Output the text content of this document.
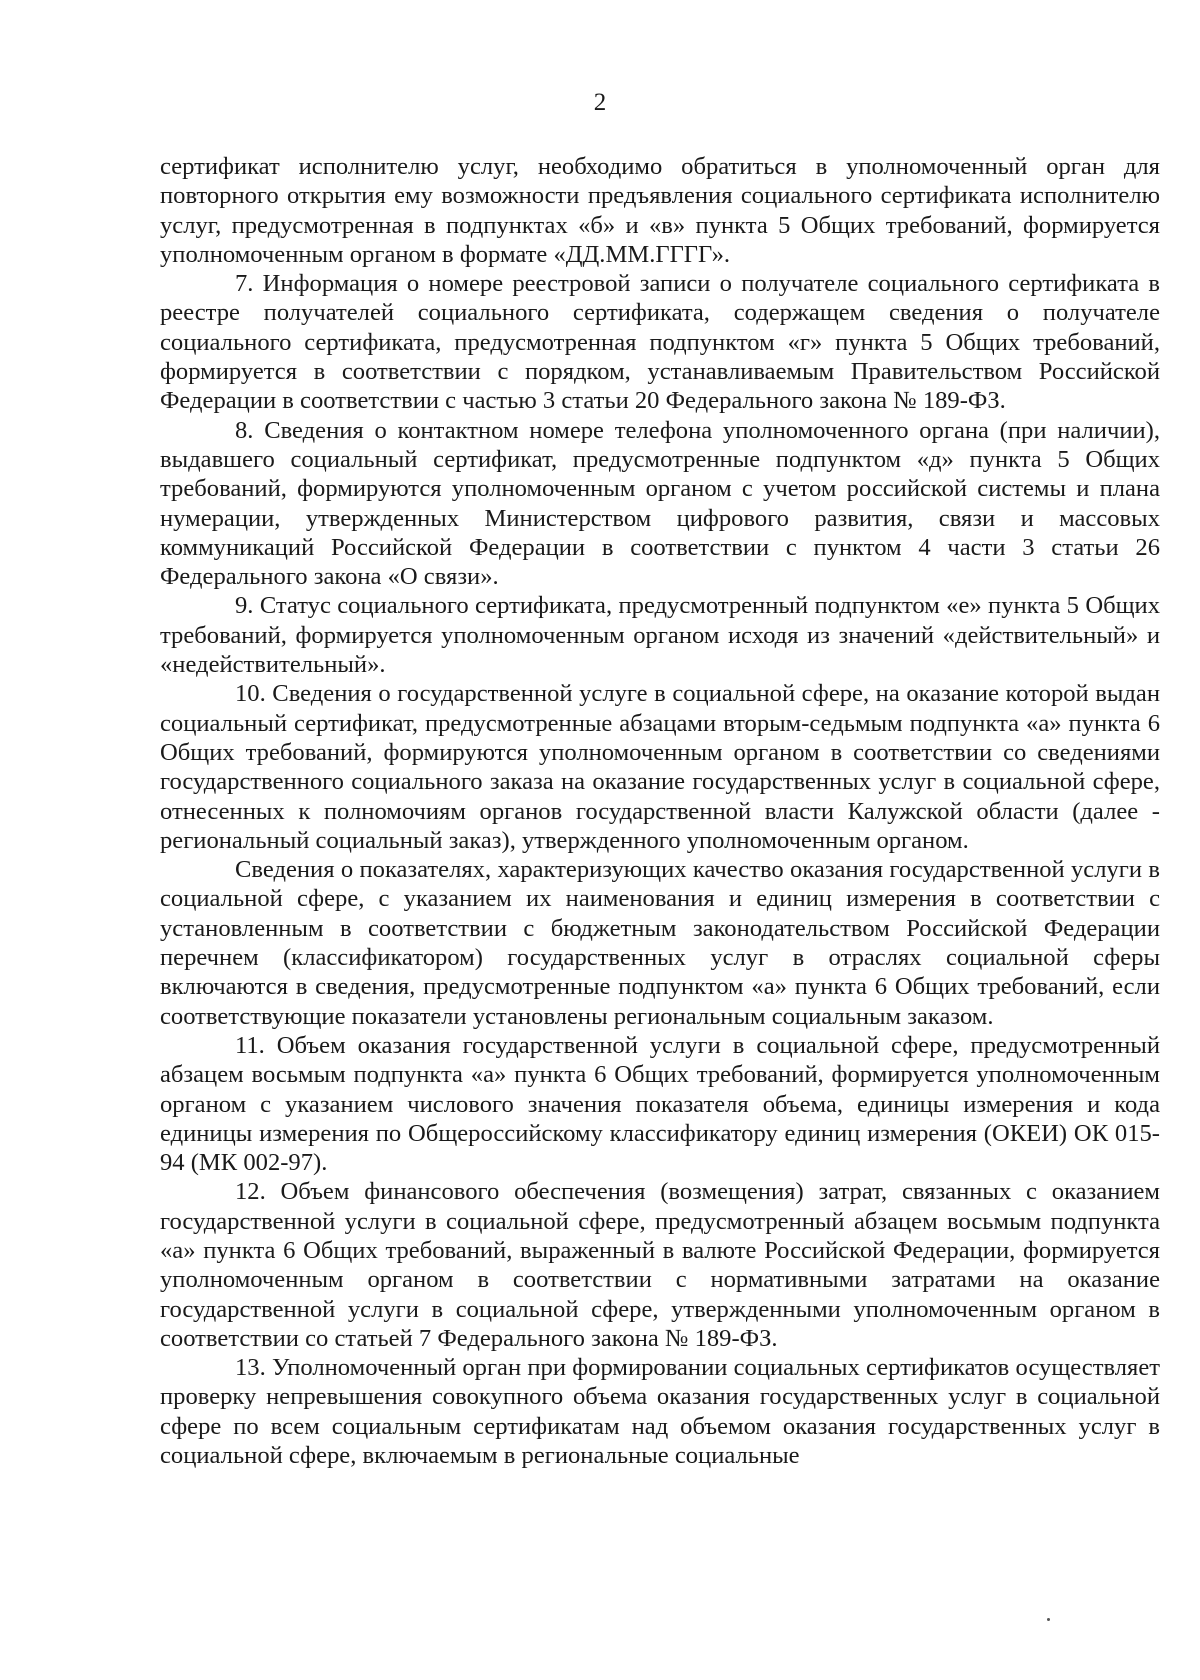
2

сертификат исполнителю услуг, необходимо обратиться в уполномоченный орган для повторного открытия ему возможности предъявления социального сертификата исполнителю услуг, предусмотренная в подпунктах «б» и «в» пункта 5 Общих требований, формируется уполномоченным органом в формате «ДД.ММ.ГГГГ».

7. Информация о номере реестровой записи о получателе социального сертификата в реестре получателей социального сертификата, содержащем сведения о получателе социального сертификата, предусмотренная подпунктом «г» пункта 5 Общих требований, формируется в соответствии с порядком, устанавливаемым Правительством Российской Федерации в соответствии с частью 3 статьи 20 Федерального закона № 189-ФЗ.

8. Сведения о контактном номере телефона уполномоченного органа (при наличии), выдавшего социальный сертификат, предусмотренные подпунктом «д» пункта 5 Общих требований, формируются уполномоченным органом с учетом российской системы и плана нумерации, утвержденных Министерством цифрового развития, связи и массовых коммуникаций Российской Федерации в соответствии с пунктом 4 части 3 статьи 26 Федерального закона «О связи».

9. Статус социального сертификата, предусмотренный подпунктом «е» пункта 5 Общих требований, формируется уполномоченным органом исходя из значений «действительный» и «недействительный».

10. Сведения о государственной услуге в социальной сфере, на оказание которой выдан социальный сертификат, предусмотренные абзацами вторым-седьмым подпункта «а» пункта 6 Общих требований, формируются уполномоченным органом в соответствии со сведениями государственного социального заказа на оказание государственных услуг в социальной сфере, отнесенных к полномочиям органов государственной власти Калужской области (далее - региональный социальный заказ), утвержденного уполномоченным органом.

Сведения о показателях, характеризующих качество оказания государственной услуги в социальной сфере, с указанием их наименования и единиц измерения в соответствии с установленным в соответствии с бюджетным законодательством Российской Федерации перечнем (классификатором) государственных услуг в отраслях социальной сферы включаются в сведения, предусмотренные подпунктом «а» пункта 6 Общих требований, если соответствующие показатели установлены региональным социальным заказом.

11. Объем оказания государственной услуги в социальной сфере, предусмотренный абзацем восьмым подпункта «а» пункта 6 Общих требований, формируется уполномоченным органом с указанием числового значения показателя объема, единицы измерения и кода единицы измерения по Общероссийскому классификатору единиц измерения (ОКЕИ) ОК 015-94 (МК 002-97).

12. Объем финансового обеспечения (возмещения) затрат, связанных с оказанием государственной услуги в социальной сфере, предусмотренный абзацем восьмым подпункта «а» пункта 6 Общих требований, выраженный в валюте Российской Федерации, формируется уполномоченным органом в соответствии с нормативными затратами на оказание государственной услуги в социальной сфере, утвержденными уполномоченным органом в соответствии со статьей 7 Федерального закона № 189-ФЗ.

13. Уполномоченный орган при формировании социальных сертификатов осуществляет проверку непревышения совокупного объема оказания государственных услуг в социальной сфере по всем социальным сертификатам над объемом оказания государственных услуг в социальной сфере, включаемым в региональные социальные
